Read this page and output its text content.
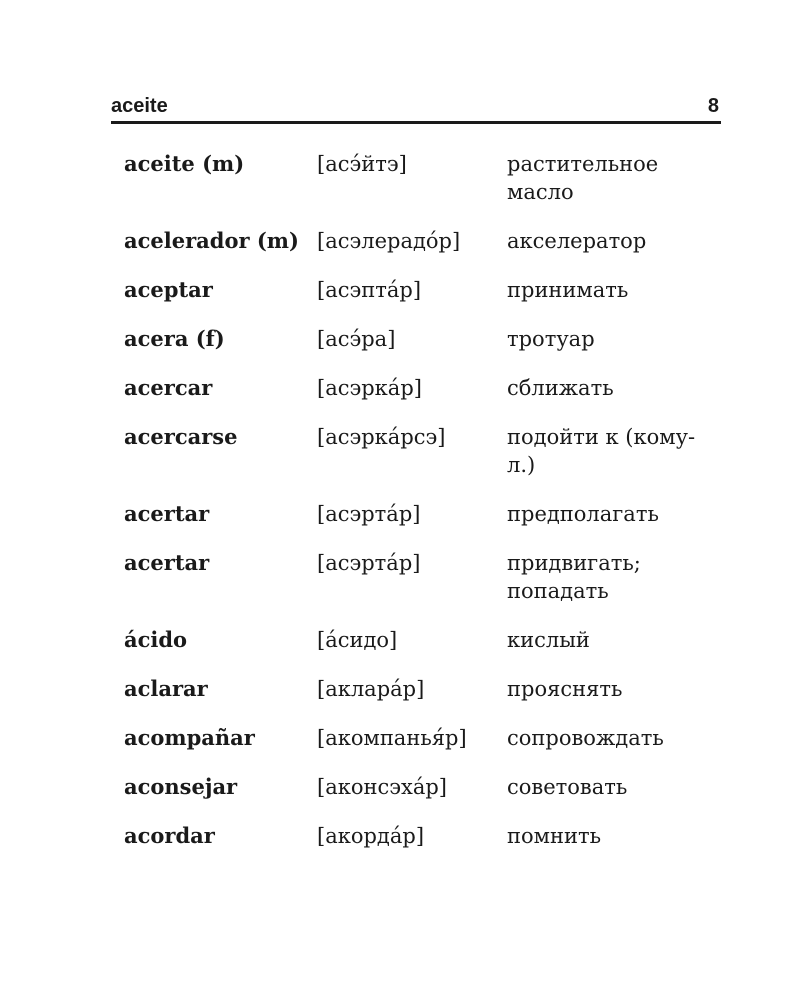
aceite	8
aceite (m)	[асэ́йтэ]	растительное масло
acelerador (m) [асэлерадо́р]	акселератор
aceptar	[асэпта́р]	принимать
acera (f)	[асэ́ра]	тротуар
acercar	[асэрка́р]	сближать
acercarse	[асэрка́рсэ]	подойти к (кому-л.)
acertar	[асэрта́р]	предполагать
acertar	[асэрта́р]	придвигать; попадать
ácido	[а́сидо]	кислый
aclarar	[аклара́р]	прояснять
acompañar	[акомпанья́р]	сопровождать
aconsejar	[аконсэха́р]	советовать
acordar	[акорда́р]	помнить
